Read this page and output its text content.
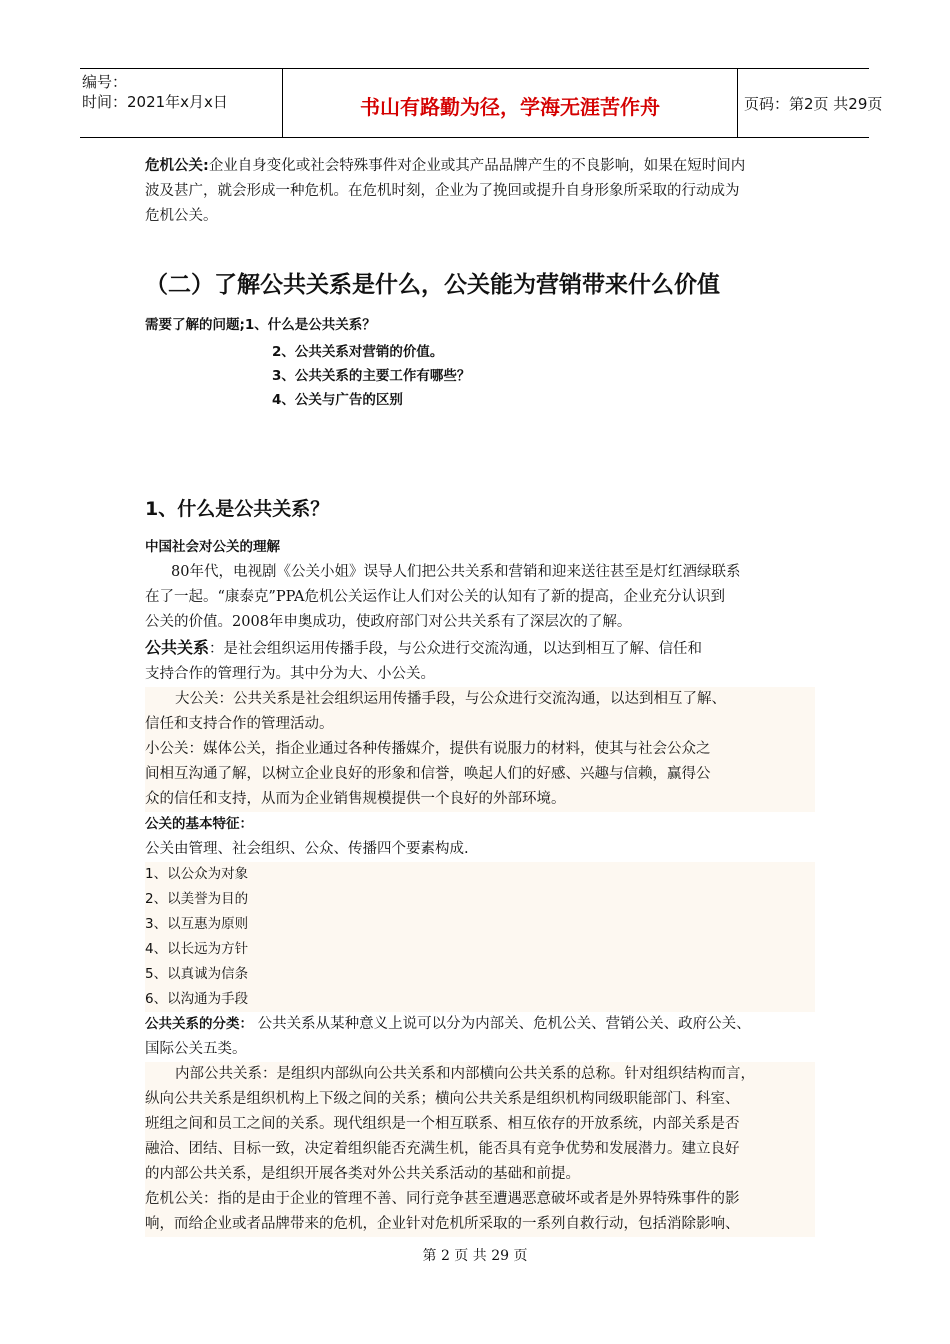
编号：
时间：2021年x月x日	书山有路勤为径，学海无涯苦作舟	页码：第2页 共29页

危机公关:企业自身变化或社会特殊事件对企业或其产品品牌产生的不良影响，如果在短时间内

波及甚广，就会形成一种危机。在危机时刻，企业为了挽回或提升自身形象所采取的行动成为

危机公关。

（二）了解公共关系是什么，公关能为营销带来什么价值
需要了解的问题;1、什么是公共关系？
2、公共关系对营销的价值。
3、公共关系的主要工作有哪些？
4、公关与广告的区别
1、什么是公共关系？

中国社会对公关的理解

80年代，电视剧《公关小姐》误导人们把公共关系和营销和迎来送往甚至是灯红酒绿联系

在了一起。“康泰克”PPA危机公关运作让人们对公关的认知有了新的提高，企业充分认识到

公关的价值。2008年申奥成功，使政府部门对公共关系有了深层次的了解。

公共关系：是社会组织运用传播手段，与公众进行交流沟通，以达到相互了解、信任和

支持合作的管理行为。其中分为大、小公关。

大公关：公共关系是社会组织运用传播手段，与公众进行交流沟通，以达到相互了解、

信任和支持合作的管理活动。

小公关：媒体公关，指企业通过各种传播媒介，提供有说服力的材料，使其与社会公众之

间相互沟通了解，以树立企业良好的形象和信誉，唤起人们的好感、兴趣与信赖，赢得公

众的信任和支持，从而为企业销售规模提供一个良好的外部环境。

公关的基本特征：

公关由管理、社会组织、公众、传播四个要素构成.

1、以公众为对象

2、以美誉为目的

3、以互惠为原则

4、以长远为方针

5、以真诚为信条

6、以沟通为手段

公共关系的分类： 公共关系从某种意义上说可以分为内部关、危机公关、营销公关、政府公关、

国际公关五类。

内部公共关系：是组织内部纵向公共关系和内部横向公共关系的总称。针对组织结构而言，

纵向公共关系是组织机构上下级之间的关系；横向公共关系是组织机构同级职能部门、科室、

班组之间和员工之间的关系。现代组织是一个相互联系、相互依存的开放系统，内部关系是否

融洽、团结、目标一致，决定着组织能否充满生机，能否具有竞争优势和发展潜力。建立良好

的内部公共关系，是组织开展各类对外公共关系活动的基础和前提。

危机公关：指的是由于企业的管理不善、同行竞争甚至遭遇恶意破坏或者是外界特殊事件的影

响，而给企业或者品牌带来的危机，企业针对危机所采取的一系列自救行动，包括消除影响、

第 2 页 共 29 页
